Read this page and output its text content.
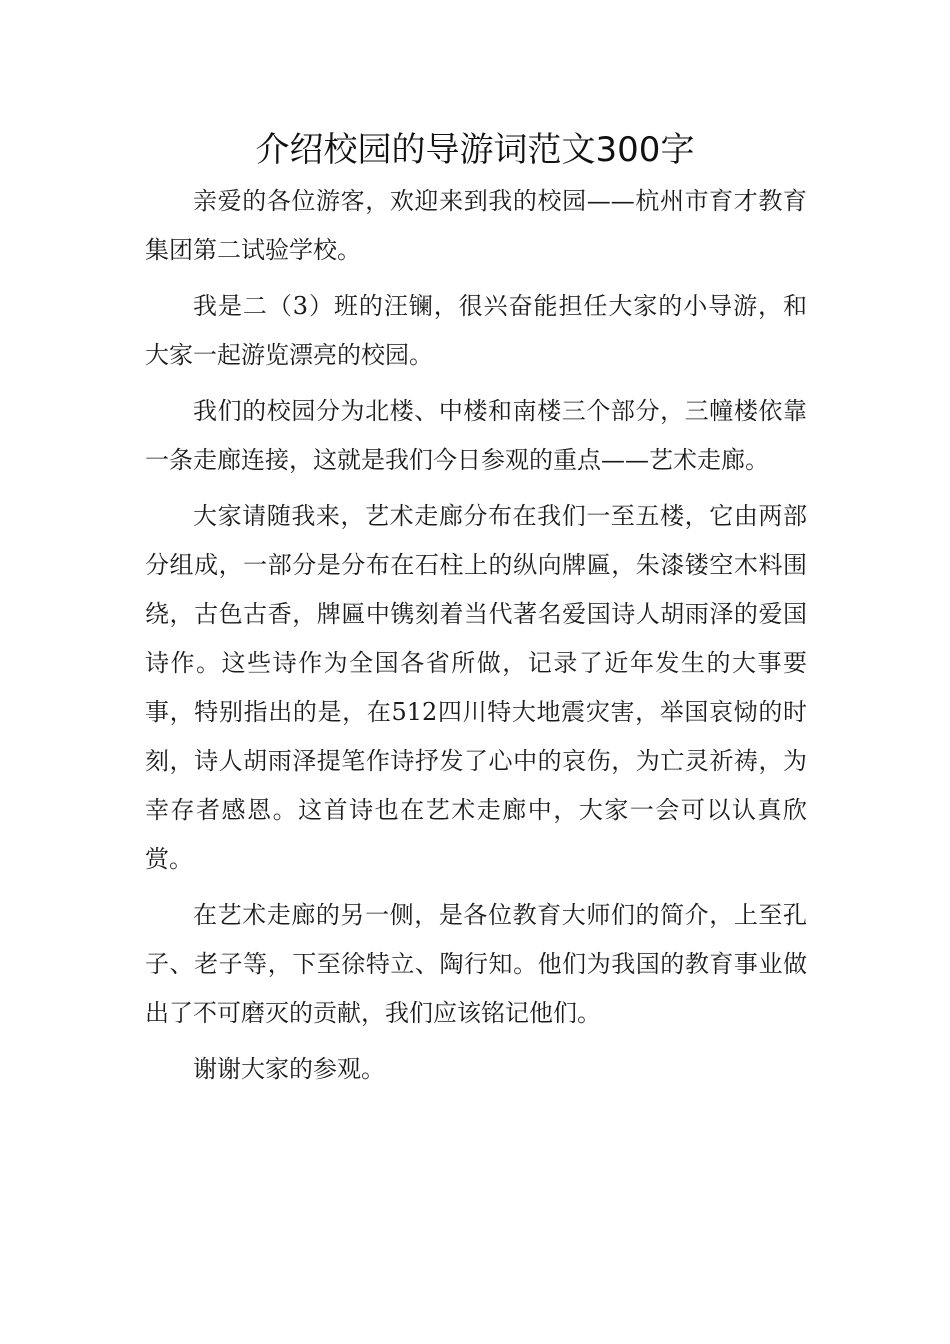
介绍校园的导游词范文300字

亲爱的各位游客，欢迎来到我的校园——杭州市育才教育集团第二试验学校。

我是二（3）班的汪镧，很兴奋能担任大家的小导游，和大家一起游览漂亮的校园。

我们的校园分为北楼、中楼和南楼三个部分，三幢楼依靠一条走廊连接，这就是我们今日参观的重点——艺术走廊。

大家请随我来，艺术走廊分布在我们一至五楼，它由两部分组成，一部分是分布在石柱上的纵向牌匾，朱漆镂空木料围绕，古色古香，牌匾中镌刻着当代著名爱国诗人胡雨泽的爱国诗作。这些诗作为全国各省所做，记录了近年发生的大事要事，特别指出的是，在512四川特大地震灾害，举国哀恸的时刻，诗人胡雨泽提笔作诗抒发了心中的哀伤，为亡灵祈祷，为幸存者感恩。这首诗也在艺术走廊中，大家一会可以认真欣赏。

在艺术走廊的另一侧，是各位教育大师们的简介，上至孔子、老子等，下至徐特立、陶行知。他们为我国的教育事业做出了不可磨灭的贡献，我们应该铭记他们。

谢谢大家的参观。
